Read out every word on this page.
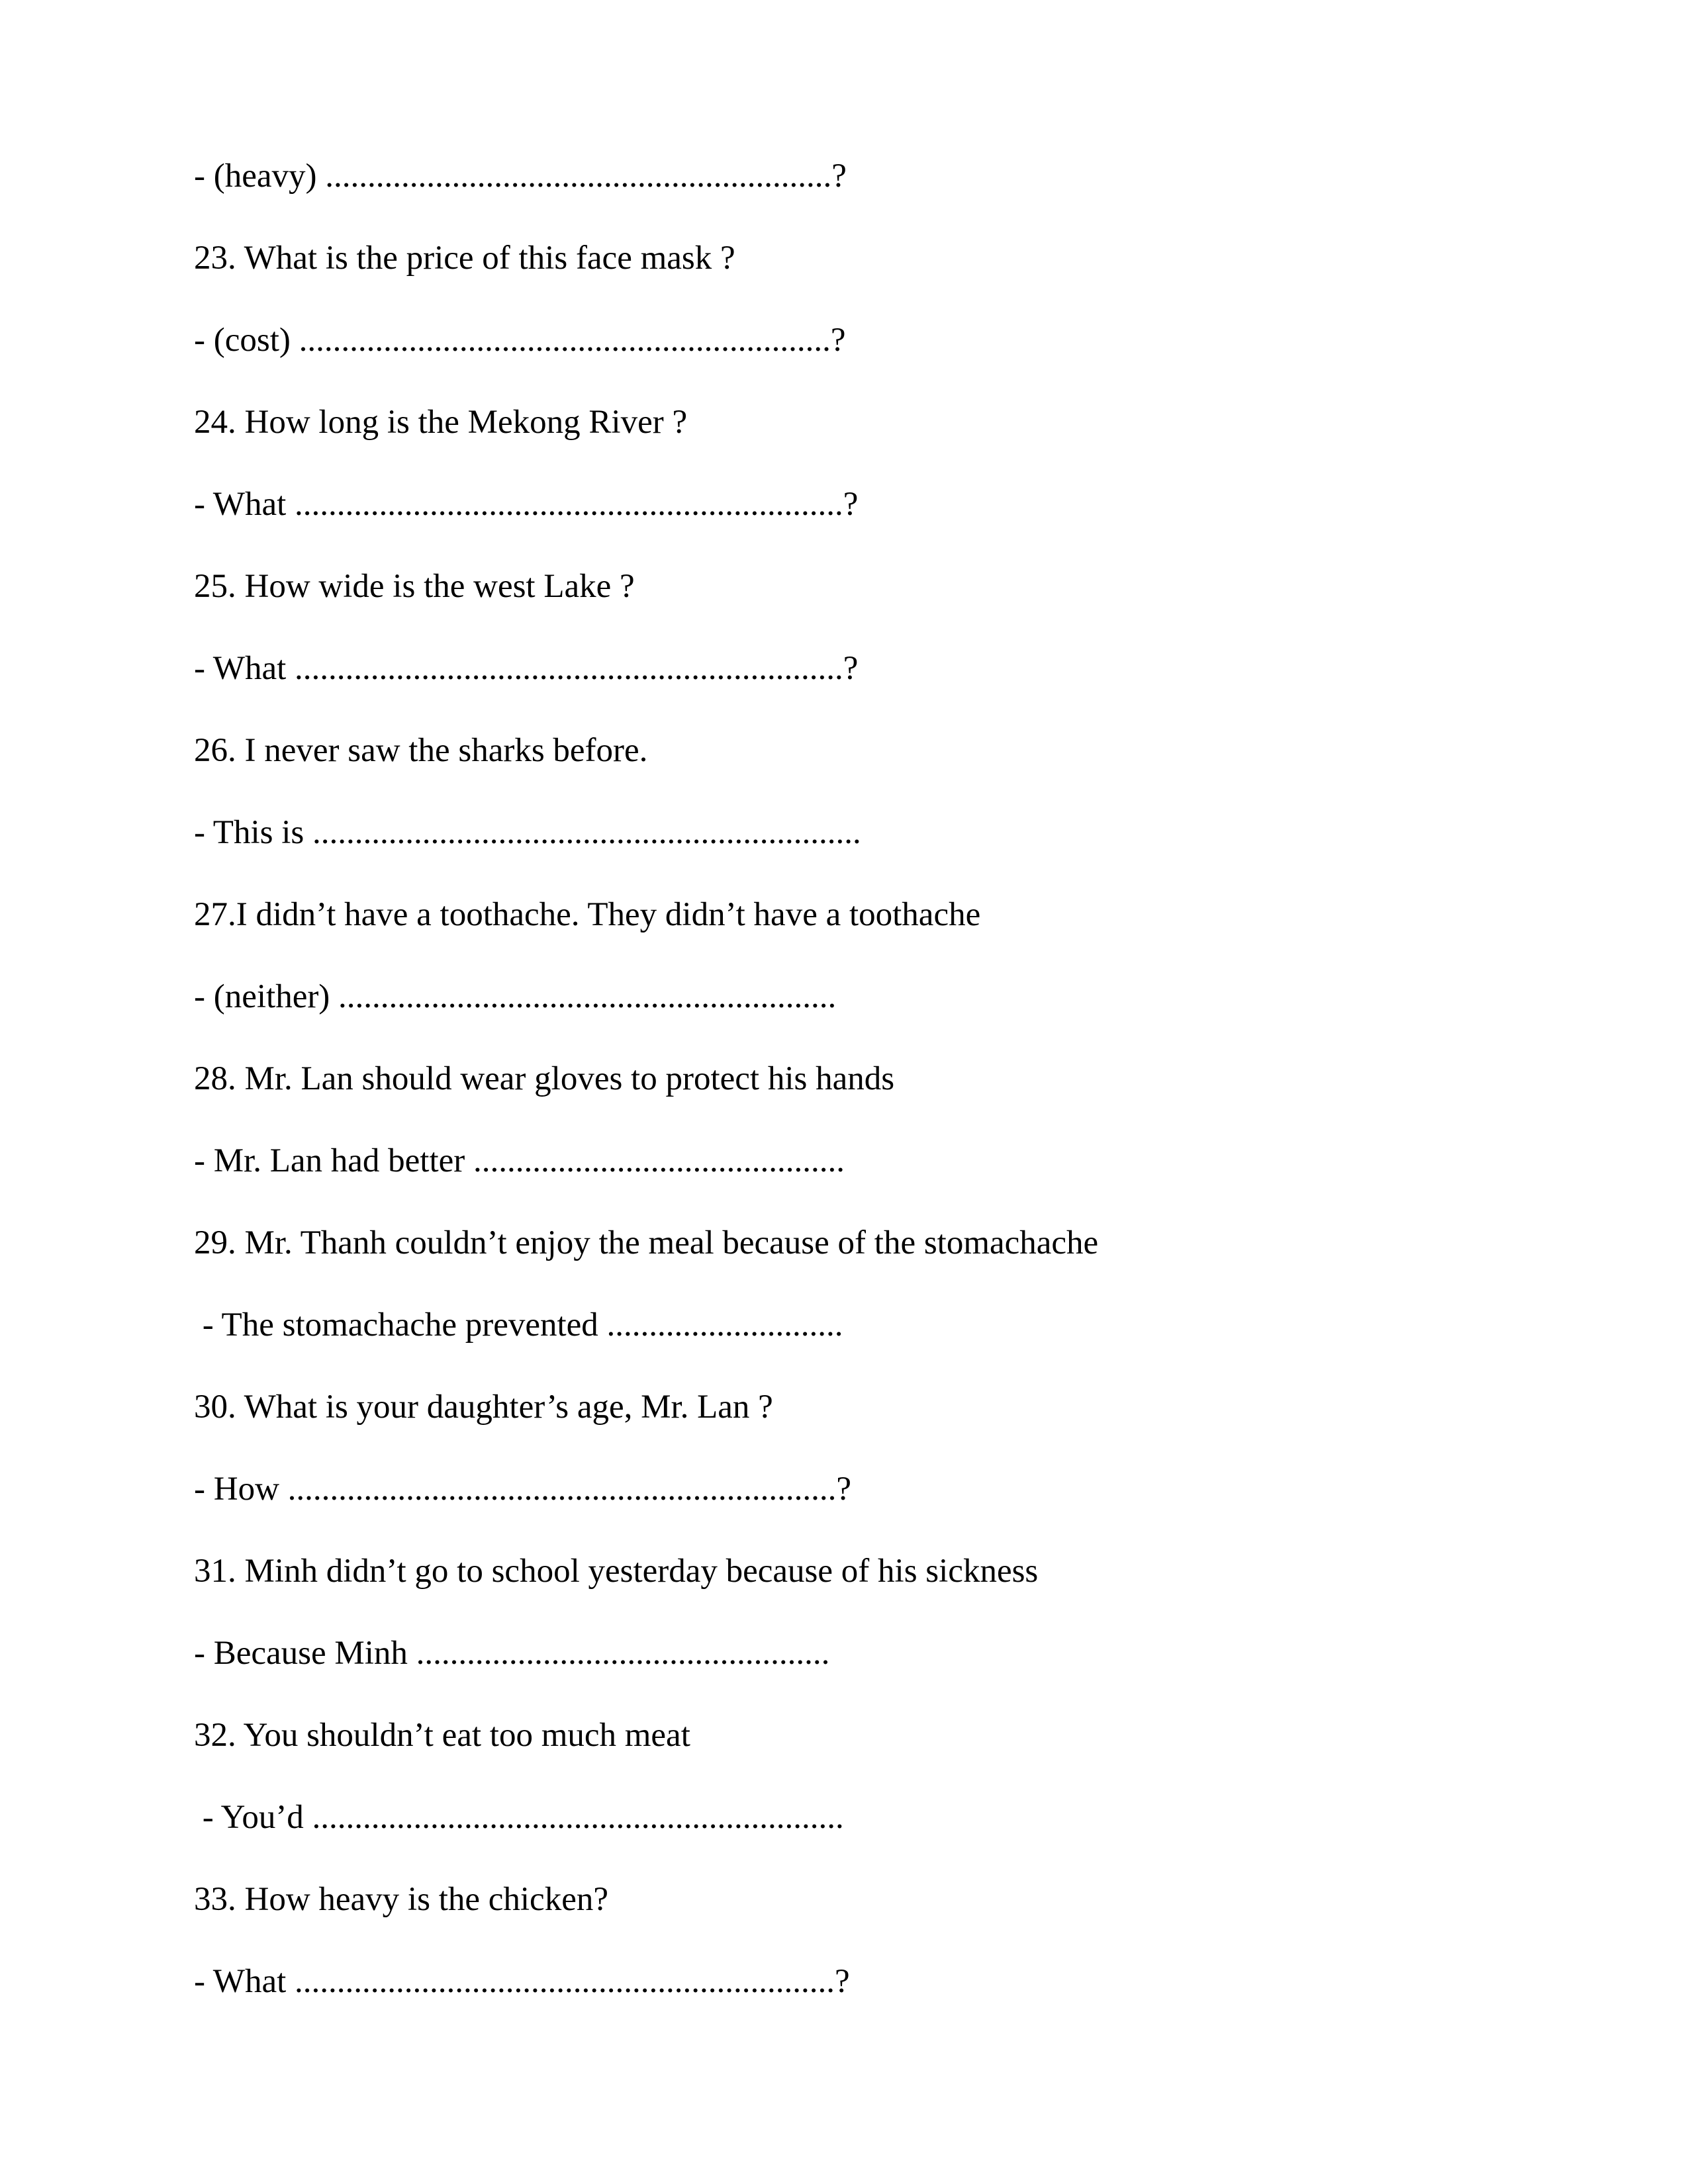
- (heavy) ............................................................?
23. What is the price of this face mask ?
- (cost) ...............................................................?
24. How long is the Mekong River ?
- What .................................................................?
25. How wide is the west Lake ?
- What .................................................................?
26. I never saw the sharks before.
- This is .................................................................
27.I didn’t have a toothache. They didn’t have a toothache
- (neither) ...........................................................
28. Mr. Lan should wear gloves to protect his hands
- Mr. Lan had better ............................................
29. Mr. Thanh couldn’t enjoy the meal because of the stomachache
- The stomachache prevented ............................
30. What is your daughter’s age, Mr. Lan ?
- How .................................................................?
31. Minh didn’t go to school yesterday because of his sickness
- Because Minh .................................................
32. You shouldn’t eat too much meat
- You’d ...............................................................
33. How heavy is the chicken?
- What ................................................................?
